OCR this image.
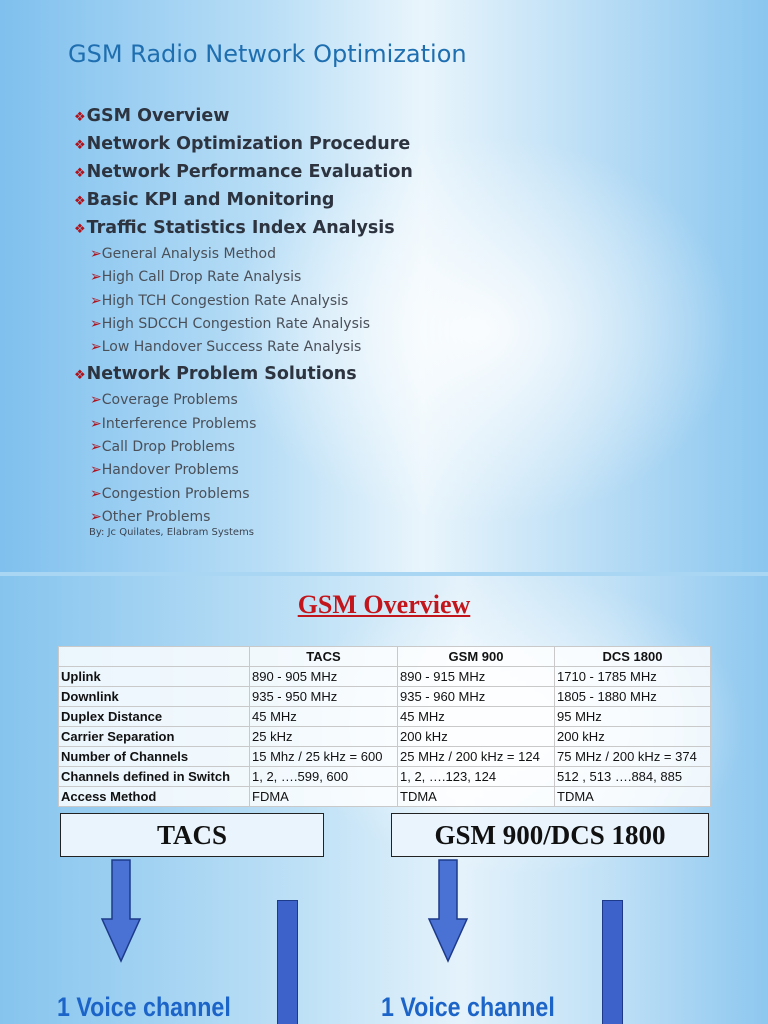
GSM Radio Network Optimization
❖GSM Overview
❖Network Optimization Procedure
❖Network Performance Evaluation
❖Basic KPI and Monitoring
❖Traffic Statistics Index Analysis
➢General Analysis Method
➢High Call Drop Rate Analysis
➢High TCH Congestion Rate Analysis
➢High SDCCH Congestion Rate Analysis
➢Low Handover Success Rate Analysis
❖Network Problem Solutions
➢Coverage Problems
➢Interference Problems
➢Call Drop Problems
➢Handover Problems
➢Congestion Problems
➢Other Problems
By: Jc Quilates, Elabram Systems
GSM Overview
	TACS	GSM 900	DCS 1800
Uplink	890 - 905 MHz	890 - 915 MHz	1710 - 1785 MHz
Downlink	935 - 950 MHz	935 - 960 MHz	1805 - 1880 MHz
Duplex Distance	45 MHz	45 MHz	95 MHz
Carrier Separation	25 kHz	200 kHz	200 kHz
Number of Channels	15 Mhz / 25 kHz = 600	25 MHz / 200 kHz = 124	75 MHz / 200 kHz = 374
Channels defined in Switch	1, 2, ….599, 600	1, 2, ….123, 124	512 , 513 ….884, 885
Access Method	FDMA	TDMA	TDMA
TACS	GSM 900/DCS 1800
1 Voice channel	1 Voice channel
